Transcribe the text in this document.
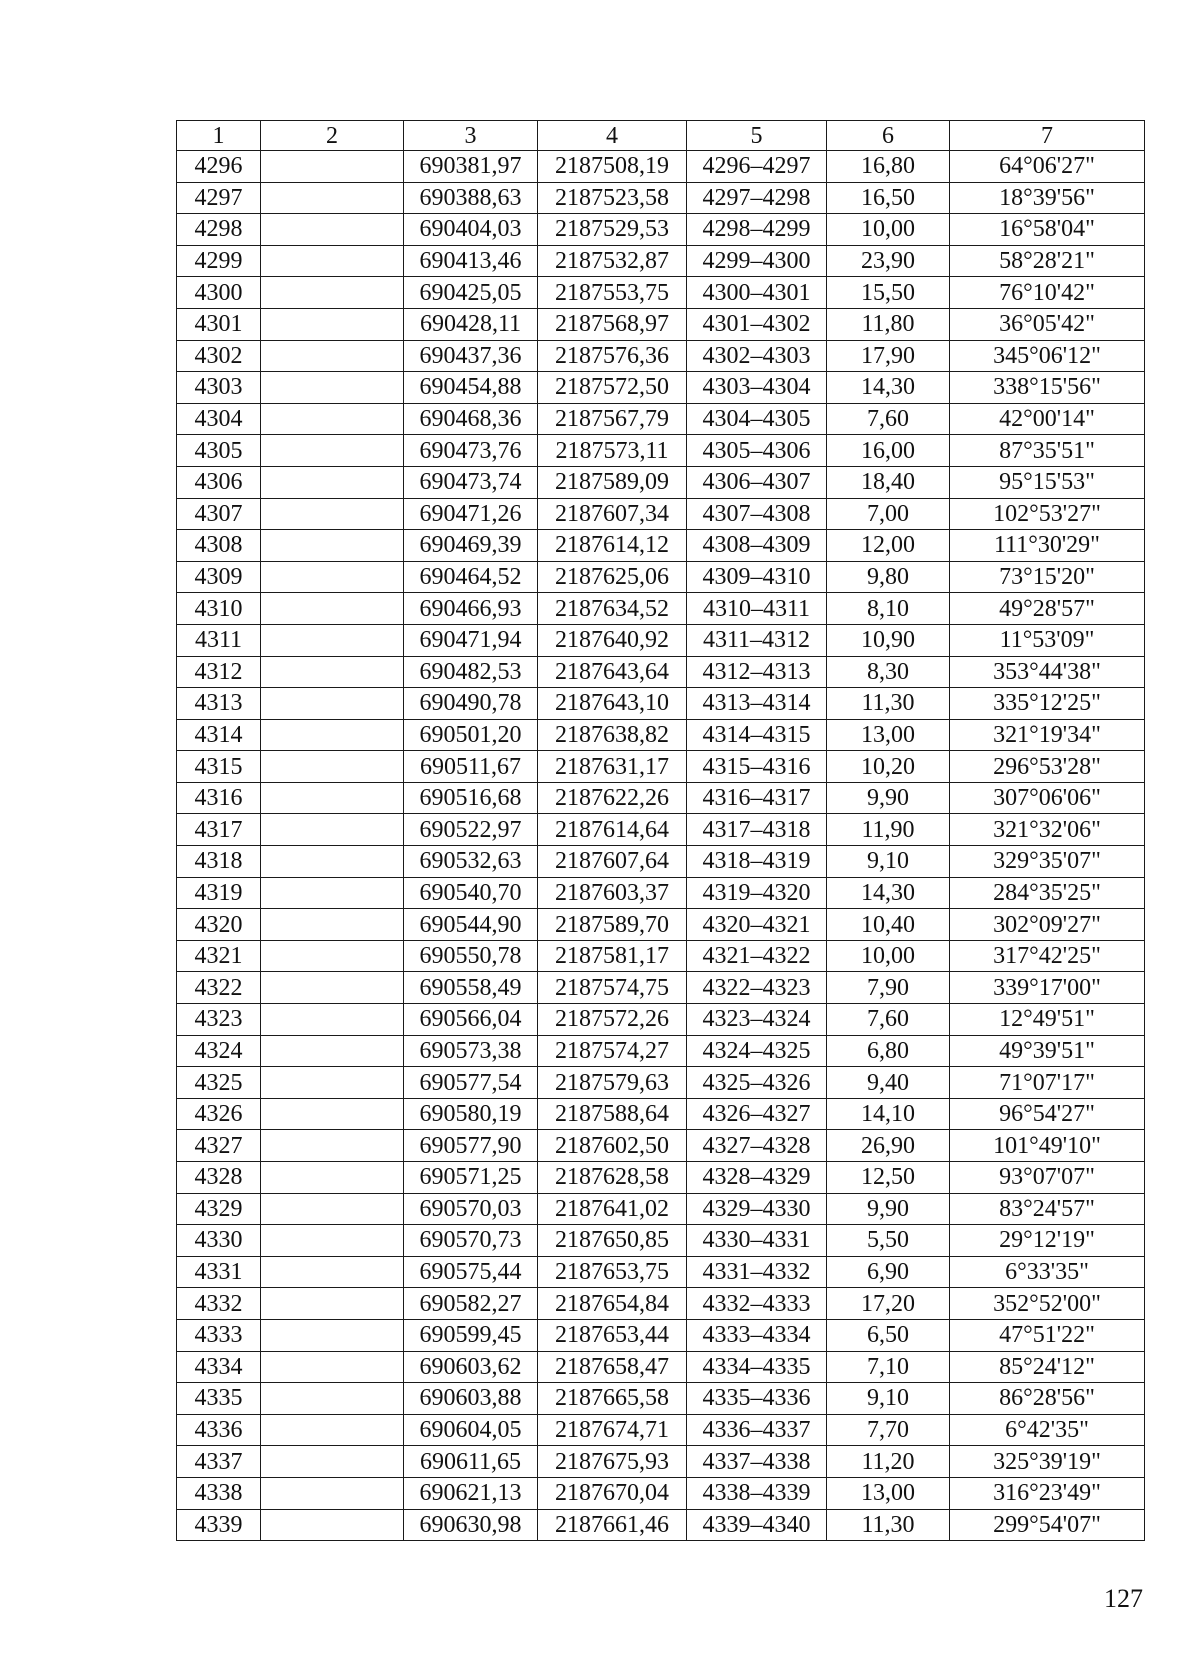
1	2	3	4	5	6	7
4296		690381,97	2187508,19	4296–4297	16,80	64°06'27"
4297		690388,63	2187523,58	4297–4298	16,50	18°39'56"
4298		690404,03	2187529,53	4298–4299	10,00	16°58'04"
4299		690413,46	2187532,87	4299–4300	23,90	58°28'21"
4300		690425,05	2187553,75	4300–4301	15,50	76°10'42"
4301		690428,11	2187568,97	4301–4302	11,80	36°05'42"
4302		690437,36	2187576,36	4302–4303	17,90	345°06'12"
4303		690454,88	2187572,50	4303–4304	14,30	338°15'56"
4304		690468,36	2187567,79	4304–4305	7,60	42°00'14"
4305		690473,76	2187573,11	4305–4306	16,00	87°35'51"
4306		690473,74	2187589,09	4306–4307	18,40	95°15'53"
4307		690471,26	2187607,34	4307–4308	7,00	102°53'27"
4308		690469,39	2187614,12	4308–4309	12,00	111°30'29"
4309		690464,52	2187625,06	4309–4310	9,80	73°15'20"
4310		690466,93	2187634,52	4310–4311	8,10	49°28'57"
4311		690471,94	2187640,92	4311–4312	10,90	11°53'09"
4312		690482,53	2187643,64	4312–4313	8,30	353°44'38"
4313		690490,78	2187643,10	4313–4314	11,30	335°12'25"
4314		690501,20	2187638,82	4314–4315	13,00	321°19'34"
4315		690511,67	2187631,17	4315–4316	10,20	296°53'28"
4316		690516,68	2187622,26	4316–4317	9,90	307°06'06"
4317		690522,97	2187614,64	4317–4318	11,90	321°32'06"
4318		690532,63	2187607,64	4318–4319	9,10	329°35'07"
4319		690540,70	2187603,37	4319–4320	14,30	284°35'25"
4320		690544,90	2187589,70	4320–4321	10,40	302°09'27"
4321		690550,78	2187581,17	4321–4322	10,00	317°42'25"
4322		690558,49	2187574,75	4322–4323	7,90	339°17'00"
4323		690566,04	2187572,26	4323–4324	7,60	12°49'51"
4324		690573,38	2187574,27	4324–4325	6,80	49°39'51"
4325		690577,54	2187579,63	4325–4326	9,40	71°07'17"
4326		690580,19	2187588,64	4326–4327	14,10	96°54'27"
4327		690577,90	2187602,50	4327–4328	26,90	101°49'10"
4328		690571,25	2187628,58	4328–4329	12,50	93°07'07"
4329		690570,03	2187641,02	4329–4330	9,90	83°24'57"
4330		690570,73	2187650,85	4330–4331	5,50	29°12'19"
4331		690575,44	2187653,75	4331–4332	6,90	6°33'35"
4332		690582,27	2187654,84	4332–4333	17,20	352°52'00"
4333		690599,45	2187653,44	4333–4334	6,50	47°51'22"
4334		690603,62	2187658,47	4334–4335	7,10	85°24'12"
4335		690603,88	2187665,58	4335–4336	9,10	86°28'56"
4336		690604,05	2187674,71	4336–4337	7,70	6°42'35"
4337		690611,65	2187675,93	4337–4338	11,20	325°39'19"
4338		690621,13	2187670,04	4338–4339	13,00	316°23'49"
4339		690630,98	2187661,46	4339–4340	11,30	299°54'07"
127
